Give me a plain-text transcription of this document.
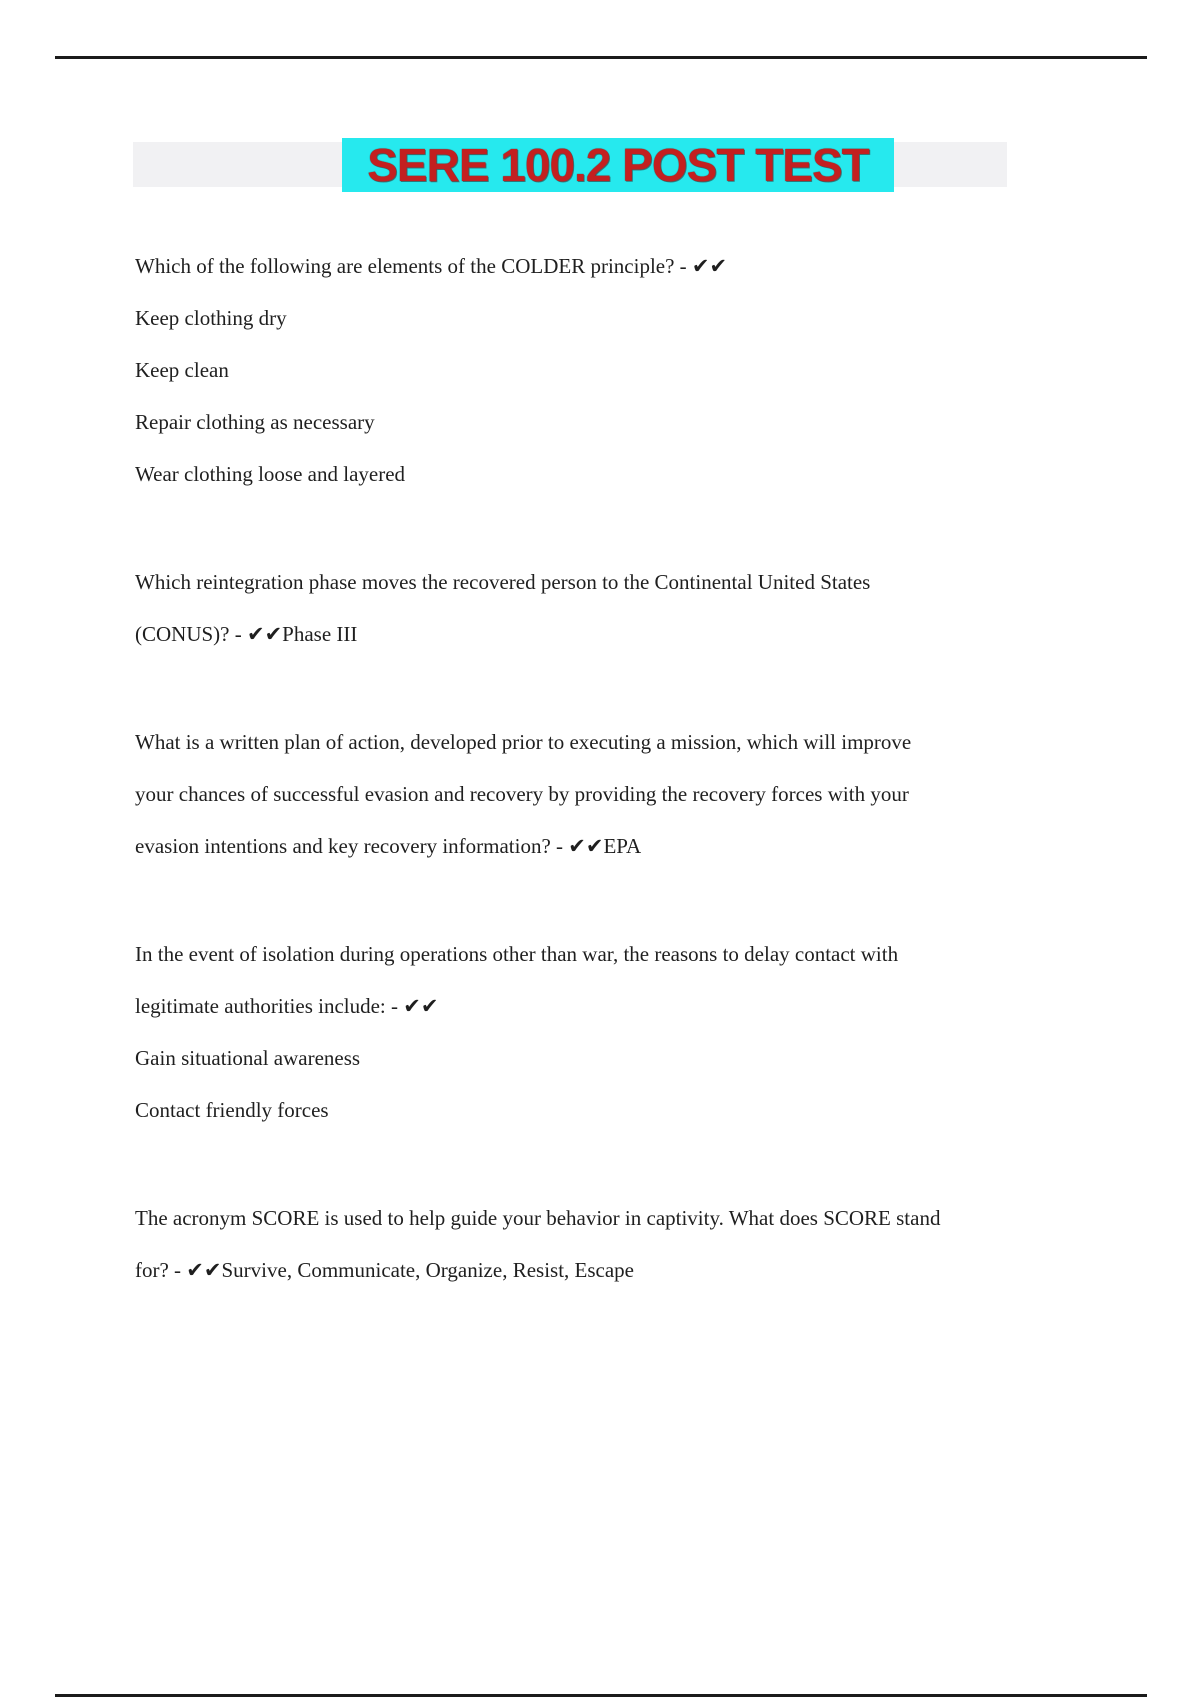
SERE 100.2 POST TEST
Which of the following are elements of the COLDER principle? - ✔✔
Keep clothing dry
Keep clean
Repair clothing as necessary
Wear clothing loose and layered
Which reintegration phase moves the recovered person to the Continental United States
(CONUS)? - ✔✔Phase III
What is a written plan of action, developed prior to executing a mission, which will improve
your chances of successful evasion and recovery by providing the recovery forces with your
evasion intentions and key recovery information? - ✔✔EPA
In the event of isolation during operations other than war, the reasons to delay contact with
legitimate authorities include: - ✔✔
Gain situational awareness
Contact friendly forces
The acronym SCORE is used to help guide your behavior in captivity. What does SCORE stand
for? - ✔✔Survive, Communicate, Organize, Resist, Escape
